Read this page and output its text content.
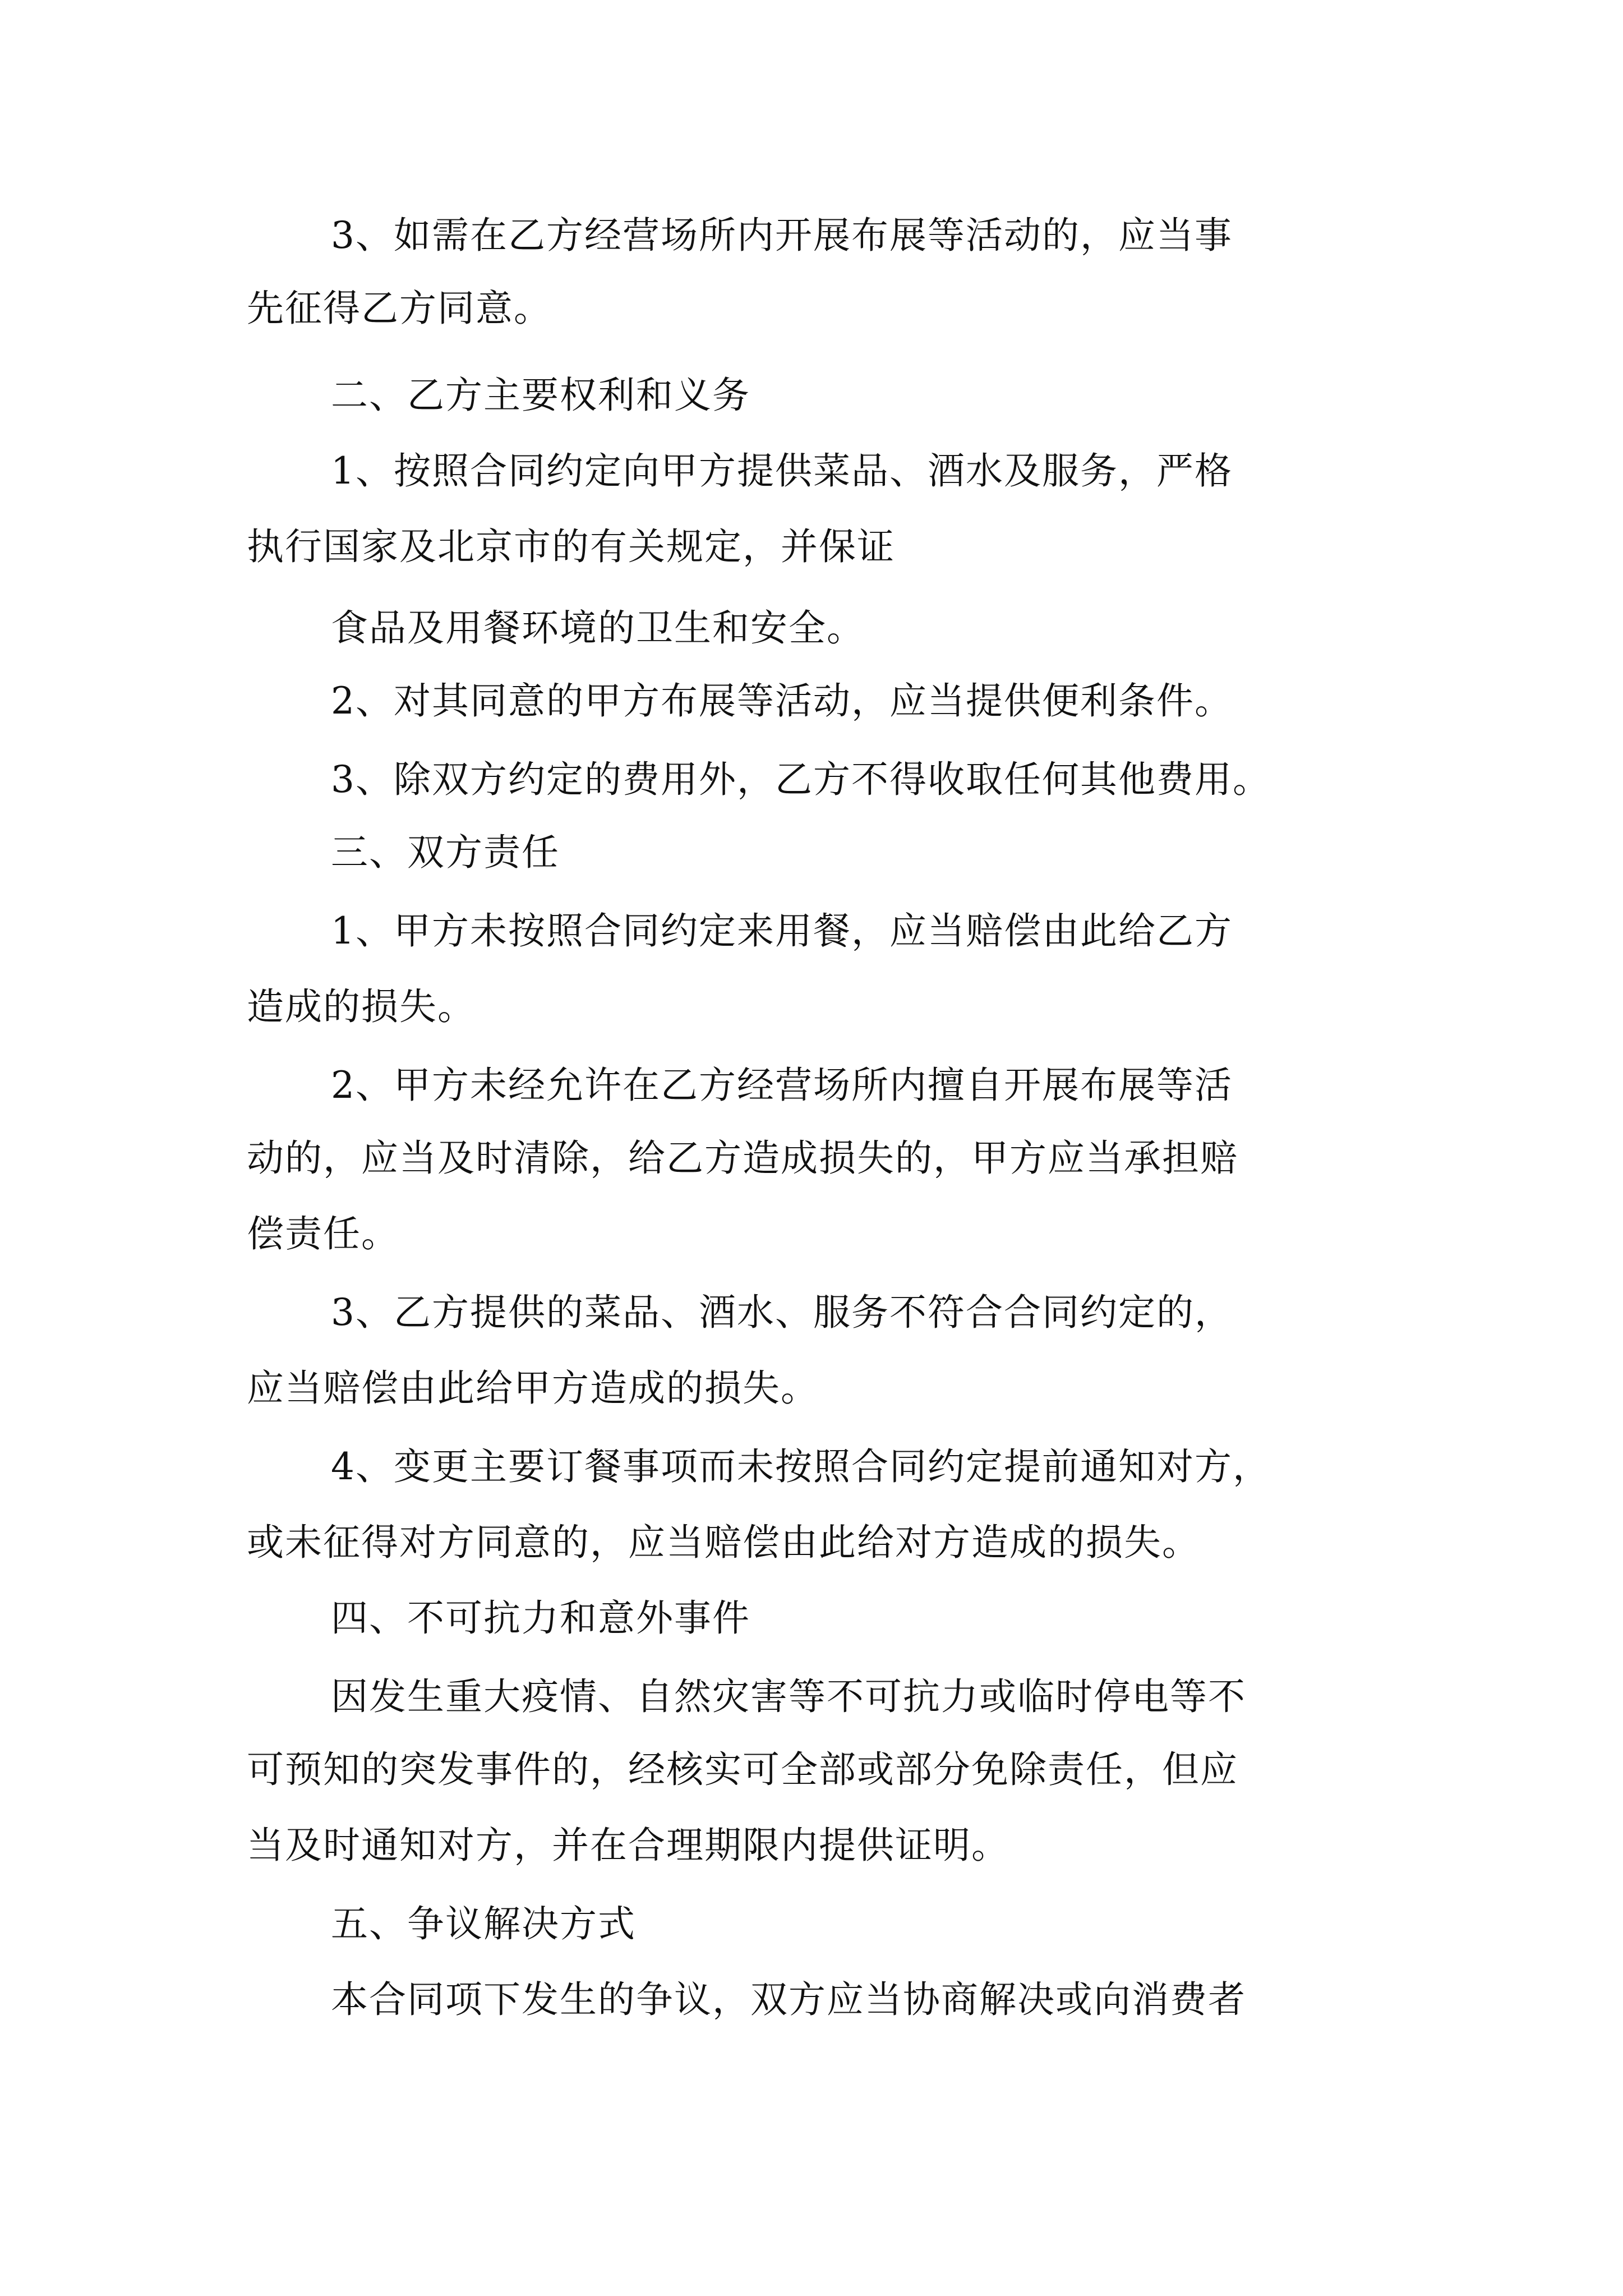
3、如需在乙方经营场所内开展布展等活动的，应当事
先征得乙方同意。
二、乙方主要权利和义务
1、按照合同约定向甲方提供菜品、酒水及服务，严格
执行国家及北京市的有关规定，并保证
食品及用餐环境的卫生和安全。
2、对其同意的甲方布展等活动，应当提供便利条件。
3、除双方约定的费用外，乙方不得收取任何其他费用。
三、双方责任
1、甲方未按照合同约定来用餐，应当赔偿由此给乙方
造成的损失。
2、甲方未经允许在乙方经营场所内擅自开展布展等活
动的，应当及时清除，给乙方造成损失的，甲方应当承担赔
偿责任。
3、乙方提供的菜品、酒水、服务不符合合同约定的，
应当赔偿由此给甲方造成的损失。
4、变更主要订餐事项而未按照合同约定提前通知对方，
或未征得对方同意的，应当赔偿由此给对方造成的损失。
四、不可抗力和意外事件
因发生重大疫情、自然灾害等不可抗力或临时停电等不
可预知的突发事件的，经核实可全部或部分免除责任，但应
当及时通知对方，并在合理期限内提供证明。
五、争议解决方式
本合同项下发生的争议，双方应当协商解决或向消费者
